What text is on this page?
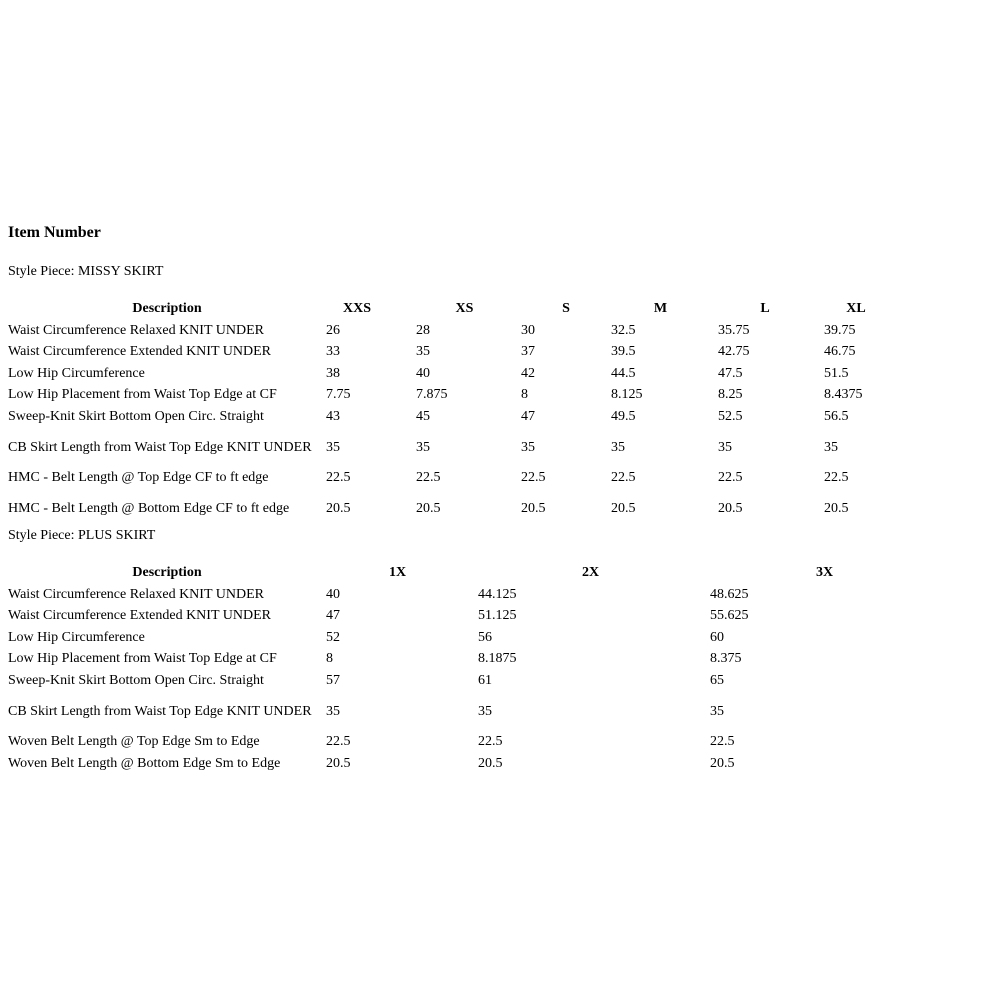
Item Number

Style Piece: MISSY SKIRT

Description	XXS	XS	S	M	L	XL
Waist Circumference Relaxed KNIT UNDER	26	28	30	32.5	35.75	39.75
Waist Circumference Extended KNIT UNDER	33	35	37	39.5	42.75	46.75
Low Hip Circumference	38	40	42	44.5	47.5	51.5
Low Hip Placement from Waist Top Edge at CF	7.75	7.875	8	8.125	8.25	8.4375
Sweep-Knit Skirt Bottom Open Circ. Straight	43	45	47	49.5	52.5	56.5
CB Skirt Length from Waist Top Edge KNIT UNDER	35	35	35	35	35	35
HMC - Belt Length @ Top Edge CF to ft edge	22.5	22.5	22.5	22.5	22.5	22.5
HMC - Belt Length @ Bottom Edge CF to ft edge	20.5	20.5	20.5	20.5	20.5	20.5

Style Piece: PLUS SKIRT

Description	1X	2X	3X
Waist Circumference Relaxed KNIT UNDER	40	44.125	48.625
Waist Circumference Extended KNIT UNDER	47	51.125	55.625
Low Hip Circumference	52	56	60
Low Hip Placement from Waist Top Edge at CF	8	8.1875	8.375
Sweep-Knit Skirt Bottom Open Circ. Straight	57	61	65
CB Skirt Length from Waist Top Edge KNIT UNDER	35	35	35
Woven Belt Length @ Top Edge Sm to Edge	22.5	22.5	22.5
Woven Belt Length @ Bottom Edge Sm to Edge	20.5	20.5	20.5
